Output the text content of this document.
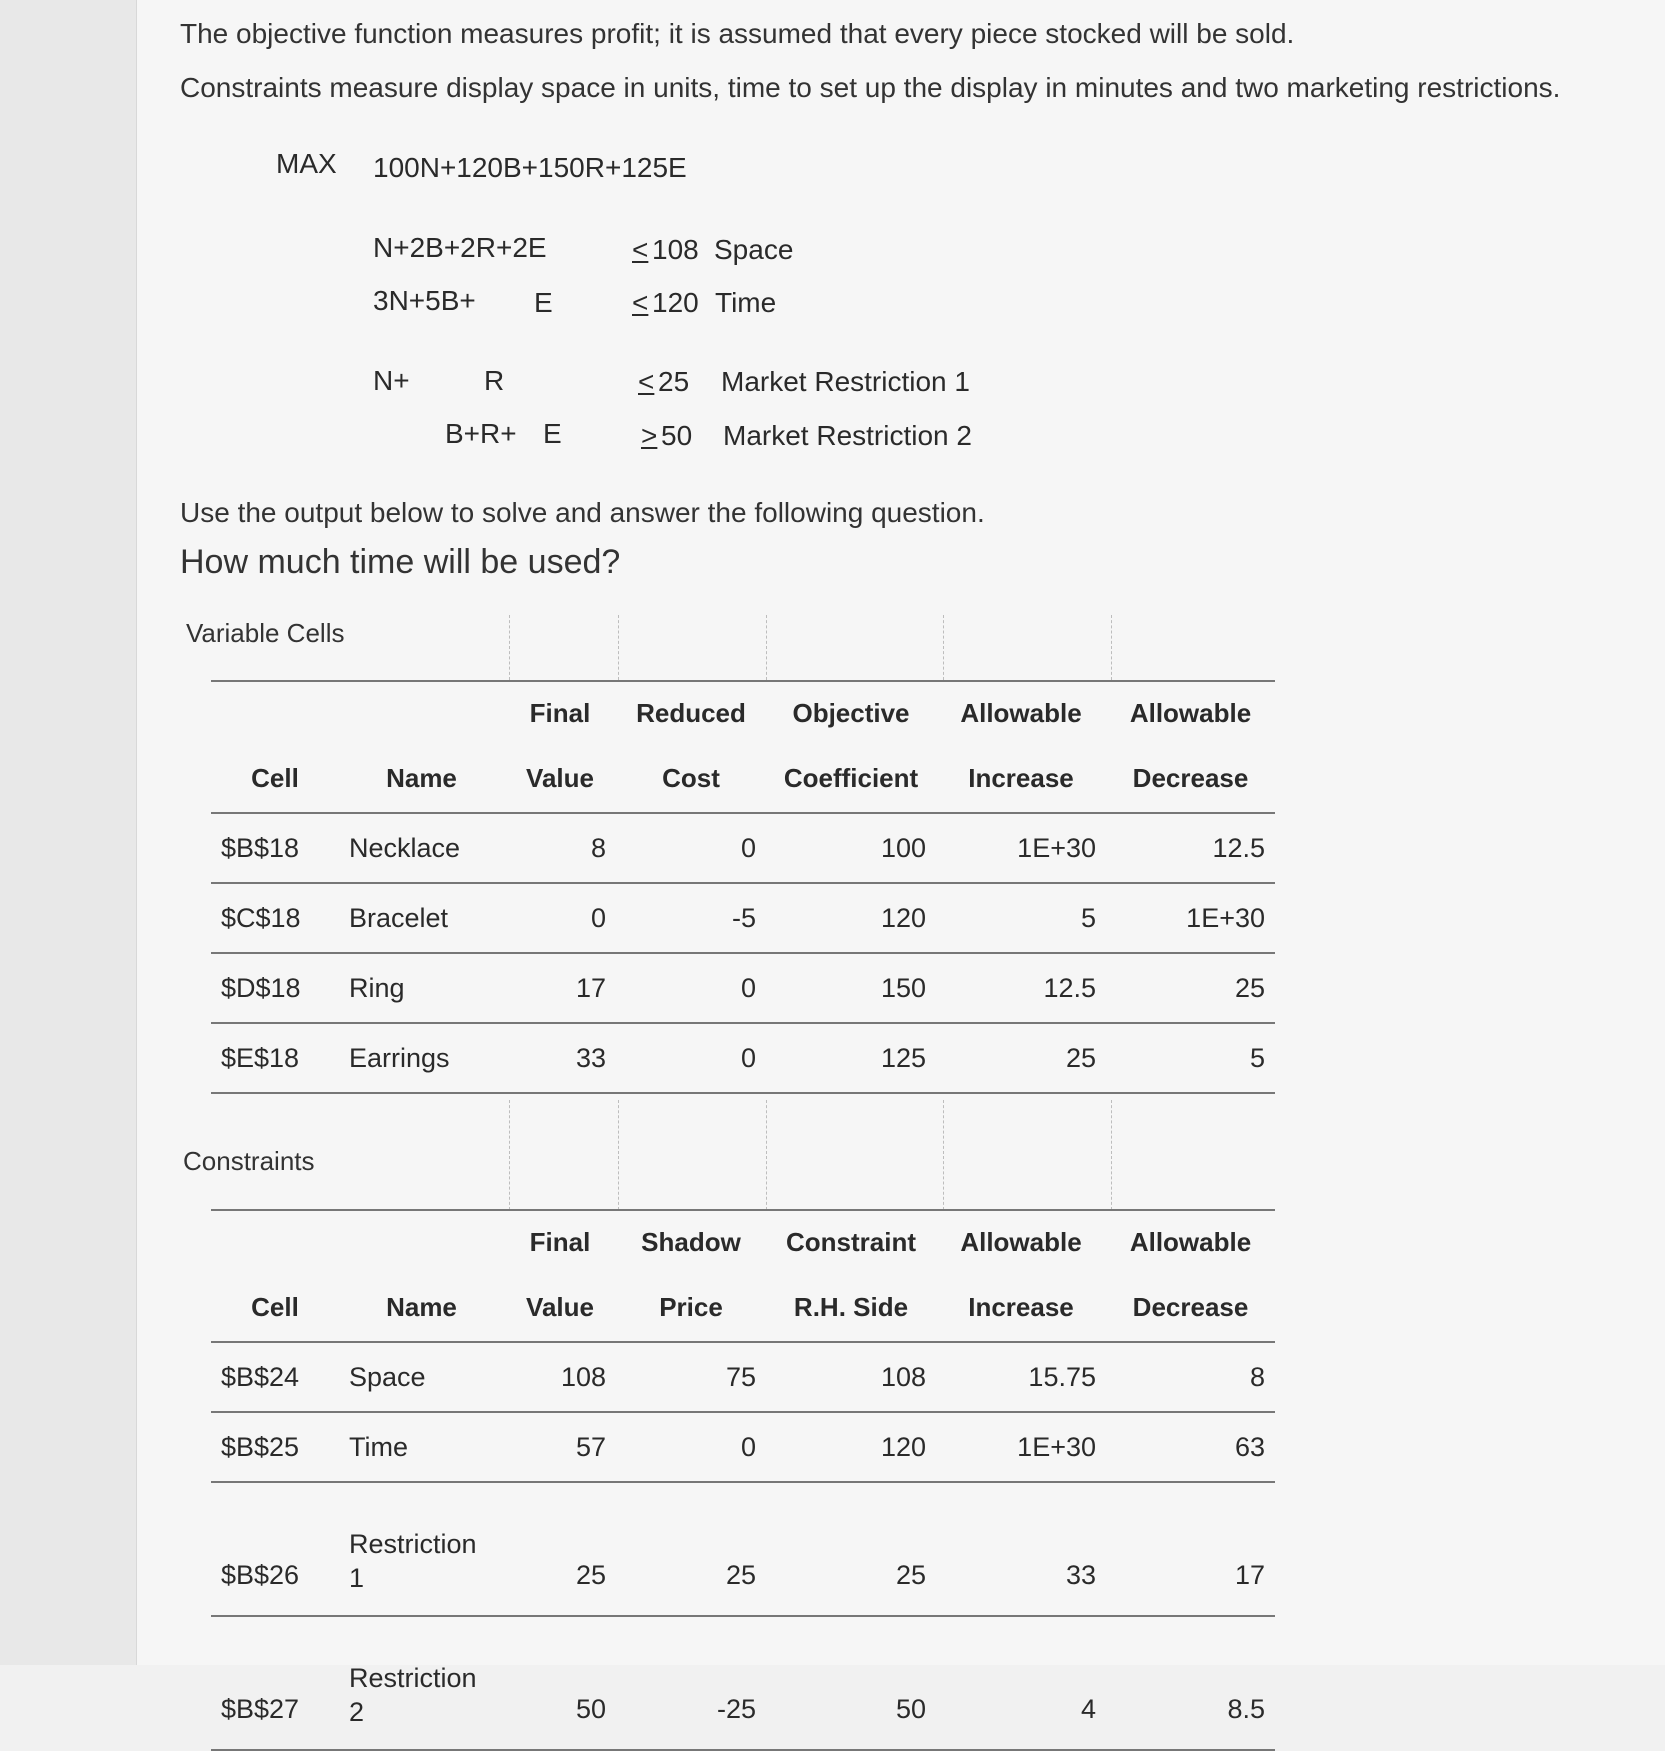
The objective function measures profit; it is assumed that every piece stocked will be sold.
Constraints measure display space in units, time to set up the display in minutes and two marketing restrictions.
MAX 100N+120B+150R+125E
N+2B+2R+2E	< 108 Space
3N+5B+ E	< 120 Time
N+	R	< 25 Market Restriction 1
B+R+ E	> 50 Market Restriction 2
Use the output below to solve and answer the following question.
How much time will be used?
Variable Cells
		Final	Reduced	Objective	Allowable	Allowable
Cell	Name	Value	Cost	Coefficient	Increase	Decrease
$B$18	Necklace	8	0	100	1E+30	12.5
$C$18	Bracelet	0	-5	120	5	1E+30
$D$18	Ring	17	0	150	12.5	25
$E$18	Earrings	33	0	125	25	5
Constraints
		Final	Shadow	Constraint	Allowable	Allowable
Cell	Name	Value	Price	R.H. Side	Increase	Decrease
$B$24	Space	108	75	108	15.75	8
$B$25	Time	57	0	120	1E+30	63
$B$26	Restriction 1	25	25	25	33	17
$B$27	Restriction 2	50	-25	50	4	8.5
